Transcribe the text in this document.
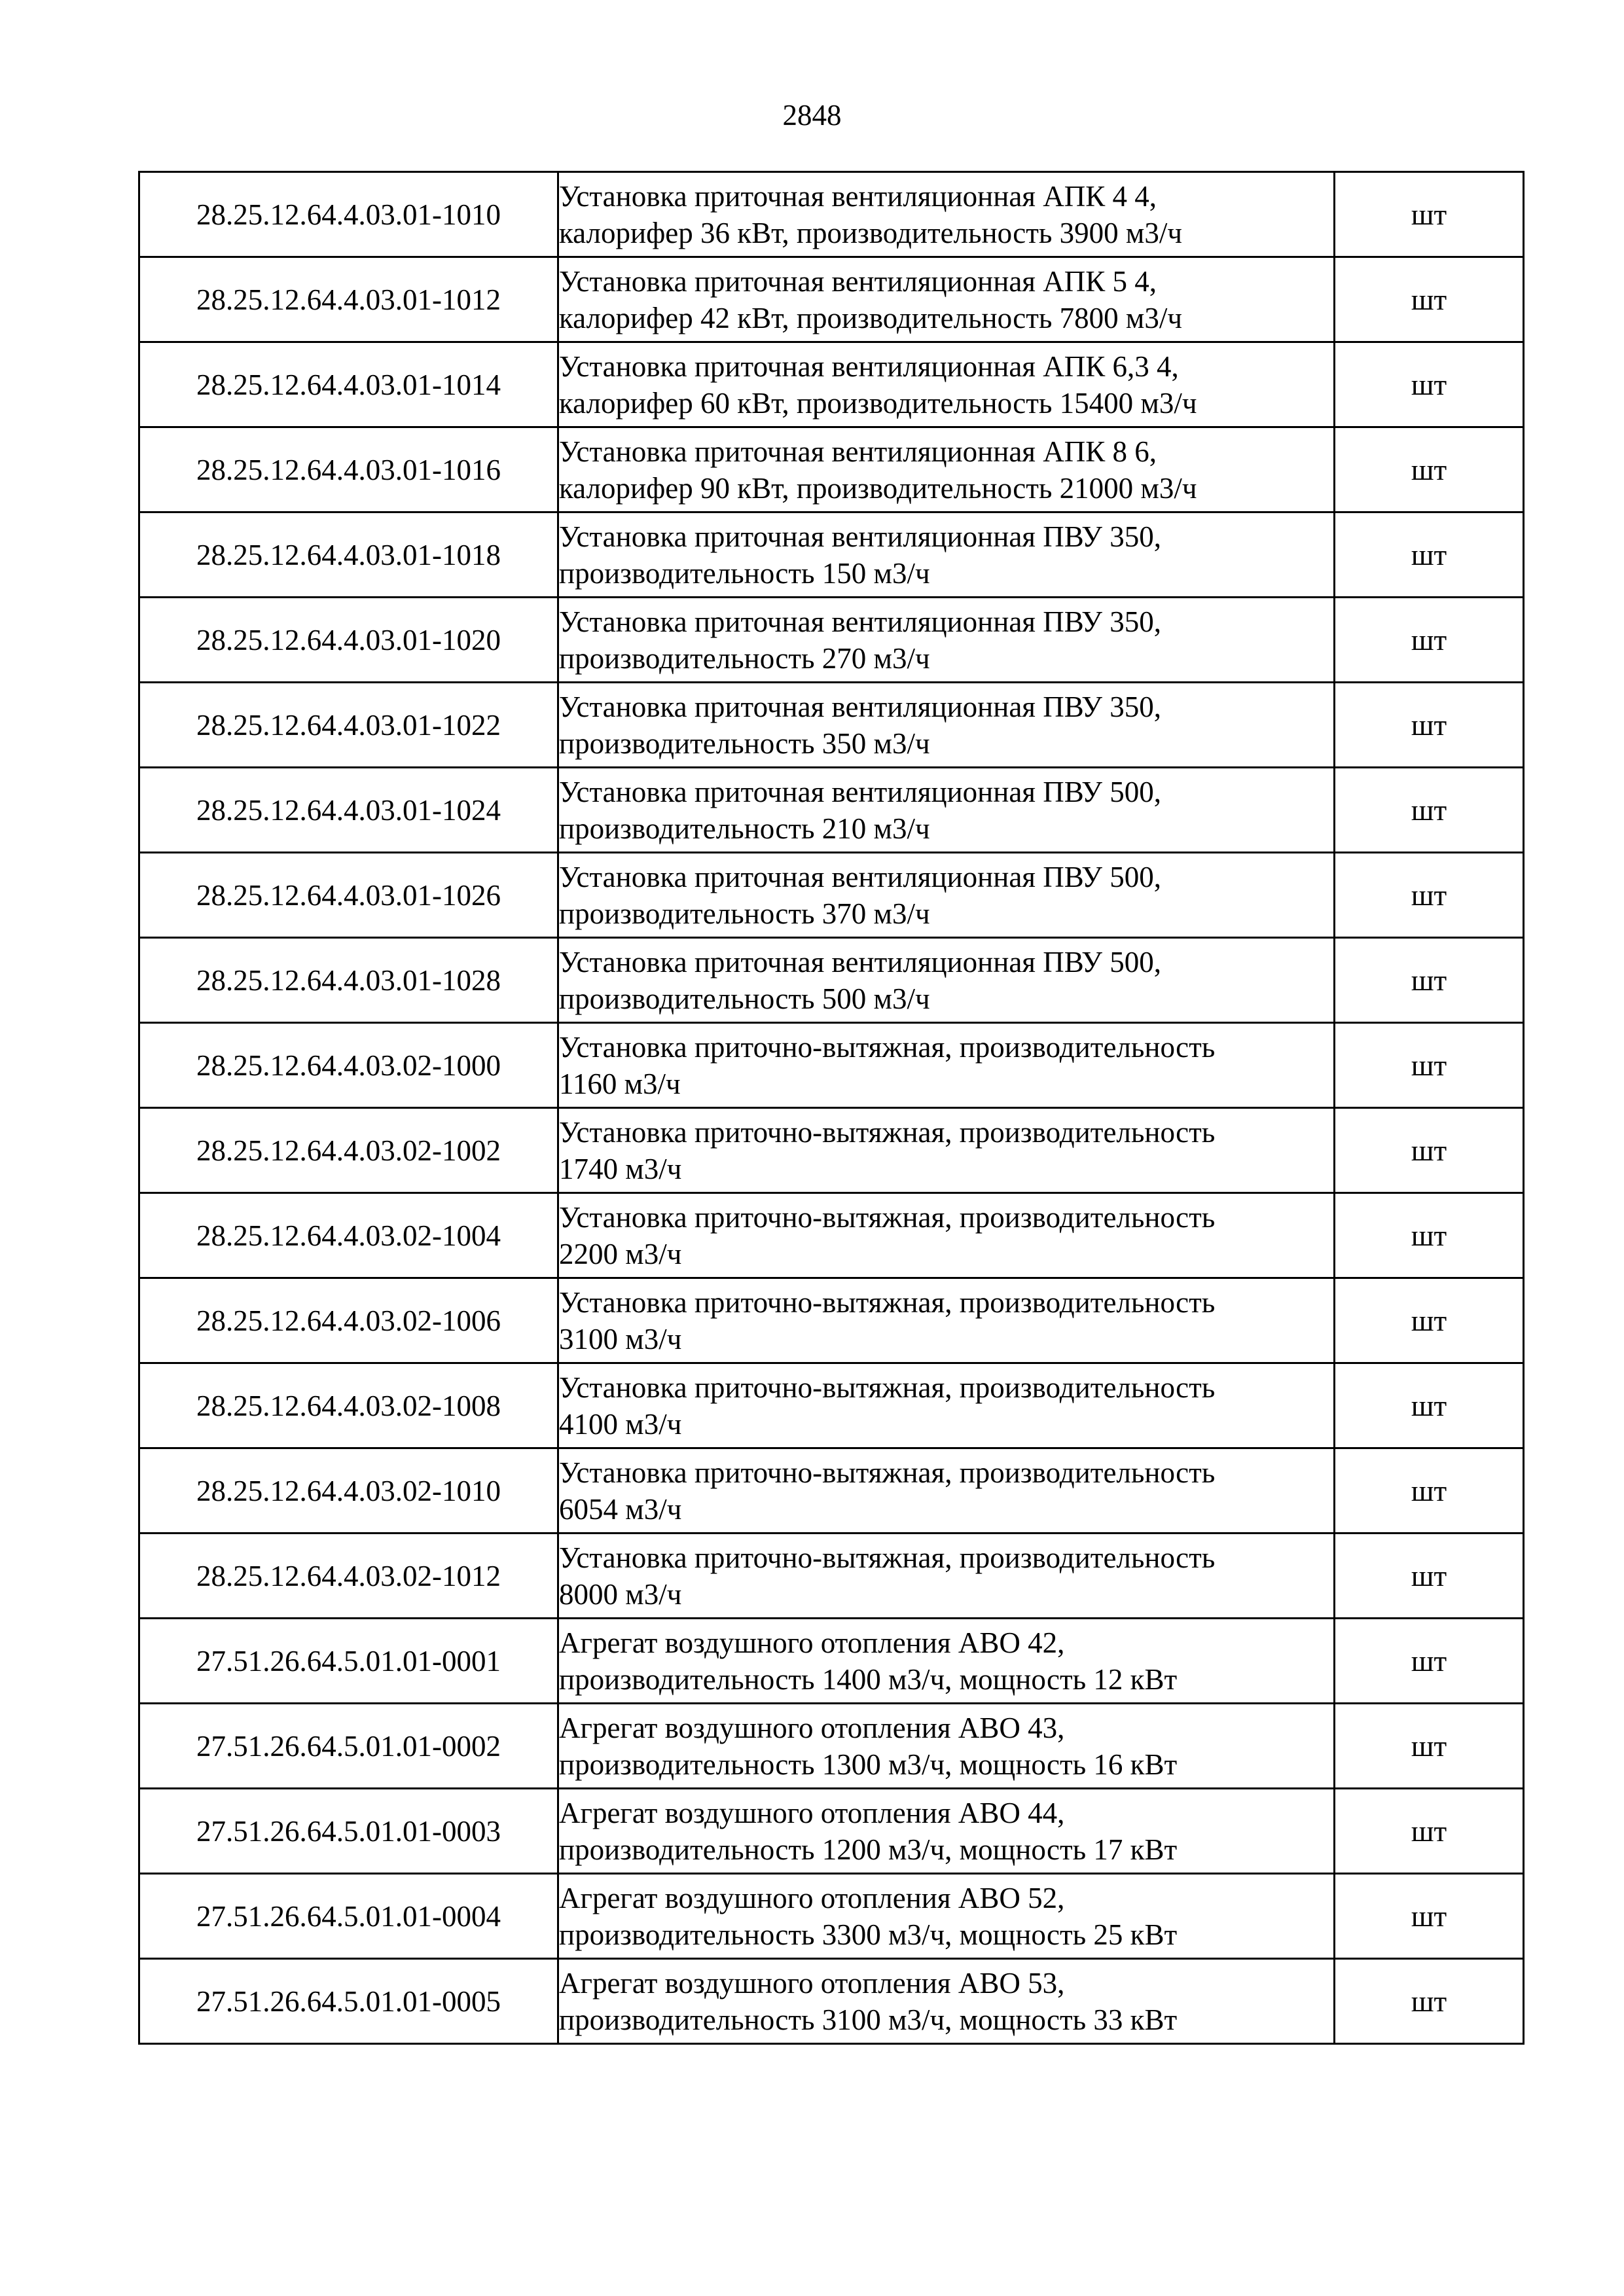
2848
28.25.12.64.4.03.01-1010	Установка приточная вентиляционная АПК 4 4,
калорифер 36 кВт, производительность 3900 м3/ч	шт
28.25.12.64.4.03.01-1012	Установка приточная вентиляционная АПК 5 4,
калорифер 42 кВт, производительность 7800 м3/ч	шт
28.25.12.64.4.03.01-1014	Установка приточная вентиляционная АПК 6,3 4,
калорифер 60 кВт, производительность 15400 м3/ч	шт
28.25.12.64.4.03.01-1016	Установка приточная вентиляционная АПК 8 6,
калорифер 90 кВт, производительность 21000 м3/ч	шт
28.25.12.64.4.03.01-1018	Установка приточная вентиляционная ПВУ 350,
производительность 150 м3/ч	шт
28.25.12.64.4.03.01-1020	Установка приточная вентиляционная ПВУ 350,
производительность 270 м3/ч	шт
28.25.12.64.4.03.01-1022	Установка приточная вентиляционная ПВУ 350,
производительность 350 м3/ч	шт
28.25.12.64.4.03.01-1024	Установка приточная вентиляционная ПВУ 500,
производительность 210 м3/ч	шт
28.25.12.64.4.03.01-1026	Установка приточная вентиляционная ПВУ 500,
производительность 370 м3/ч	шт
28.25.12.64.4.03.01-1028	Установка приточная вентиляционная ПВУ 500,
производительность 500 м3/ч	шт
28.25.12.64.4.03.02-1000	Установка приточно-вытяжная, производительность
1160 м3/ч	шт
28.25.12.64.4.03.02-1002	Установка приточно-вытяжная, производительность
1740 м3/ч	шт
28.25.12.64.4.03.02-1004	Установка приточно-вытяжная, производительность
2200 м3/ч	шт
28.25.12.64.4.03.02-1006	Установка приточно-вытяжная, производительность
3100 м3/ч	шт
28.25.12.64.4.03.02-1008	Установка приточно-вытяжная, производительность
4100 м3/ч	шт
28.25.12.64.4.03.02-1010	Установка приточно-вытяжная, производительность
6054 м3/ч	шт
28.25.12.64.4.03.02-1012	Установка приточно-вытяжная, производительность
8000 м3/ч	шт
27.51.26.64.5.01.01-0001	Агрегат воздушного отопления АВО 42,
производительность 1400 м3/ч, мощность 12 кВт	шт
27.51.26.64.5.01.01-0002	Агрегат воздушного отопления АВО 43,
производительность 1300 м3/ч, мощность 16 кВт	шт
27.51.26.64.5.01.01-0003	Агрегат воздушного отопления АВО 44,
производительность 1200 м3/ч, мощность 17 кВт	шт
27.51.26.64.5.01.01-0004	Агрегат воздушного отопления АВО 52,
производительность 3300 м3/ч, мощность 25 кВт	шт
27.51.26.64.5.01.01-0005	Агрегат воздушного отопления АВО 53,
производительность 3100 м3/ч, мощность 33 кВт	шт
